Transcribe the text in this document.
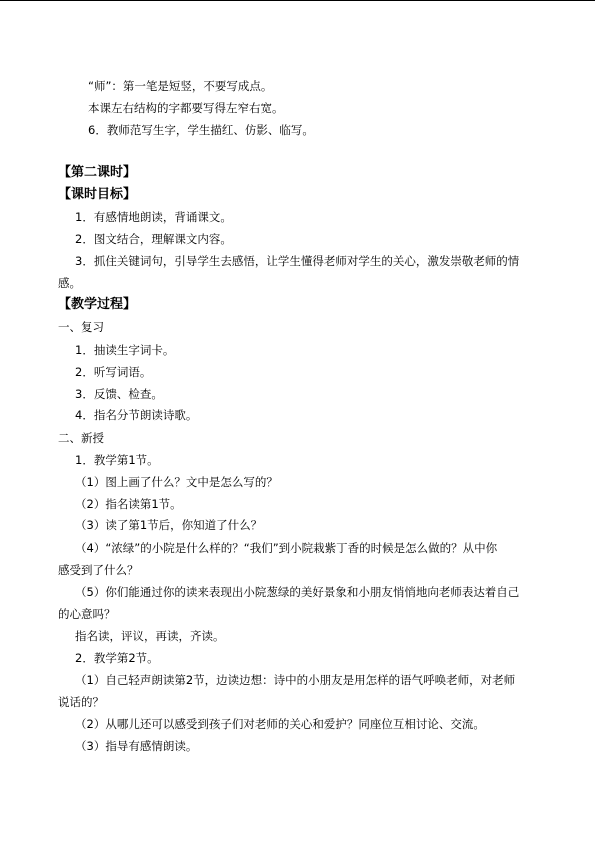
“师”：第一笔是短竖，不要写成点。
本课左右结构的字都要写得左窄右宽。
6．教师范写生字，学生描红、仿影、临写。
【第二课时】
【课时目标】
1．有感情地朗读，背诵课文。
2．图文结合，理解课文内容。
3．抓住关键词句，引导学生去感悟，让学生懂得老师对学生的关心，激发崇敬老师的情
感。
【教学过程】
一、复习
1．抽读生字词卡。
2．听写词语。
3．反馈、检查。
4．指名分节朗读诗歌。
二、新授
1．教学第1节。
（1）图上画了什么？文中是怎么写的？
（2）指名读第1节。
（3）读了第1节后，你知道了什么？
（4）“浓绿”的小院是什么样的？“我们”到小院栽紫丁香的时候是怎么做的？从中你
感受到了什么？
（5）你们能通过你的读来表现出小院葱绿的美好景象和小朋友悄悄地向老师表达着自己
的心意吗？
指名读，评议，再读，齐读。
2．教学第2节。
（1）自己轻声朗读第2节，边读边想：诗中的小朋友是用怎样的语气呼唤老师，对老师
说话的？
（2）从哪儿还可以感受到孩子们对老师的关心和爱护？同座位互相讨论、交流。
（3）指导有感情朗读。
